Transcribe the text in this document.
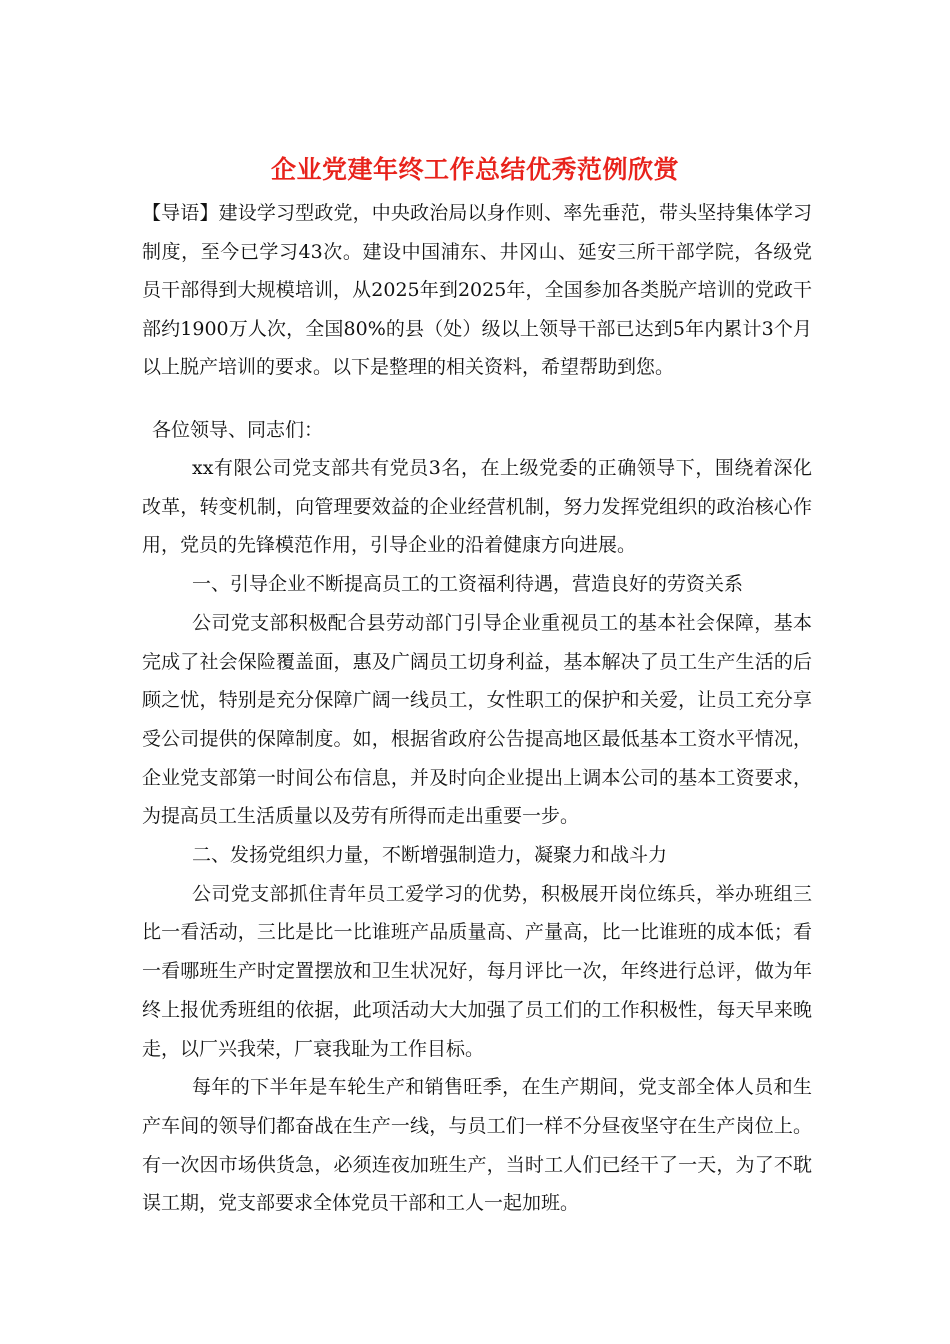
企业党建年终工作总结优秀范例欣赏
【导语】建设学习型政党，中央政治局以身作则、率先垂范，带头坚持集体学习制度，至今已学习43次。建设中国浦东、井冈山、延安三所干部学院，各级党员干部得到大规模培训，从2025年到2025年，全国参加各类脱产培训的党政干部约1900万人次，全国80%的县（处）级以上领导干部已达到5年内累计3个月以上脱产培训的要求。以下是整理的相关资料，希望帮助到您。
各位领导、同志们：

xx有限公司党支部共有党员3名，在上级党委的正确领导下，围绕着深化改革，转变机制，向管理要效益的企业经营机制，努力发挥党组织的政治核心作用，党员的先锋模范作用，引导企业的沿着健康方向进展。

一、引导企业不断提高员工的工资福利待遇，营造良好的劳资关系

公司党支部积极配合县劳动部门引导企业重视员工的基本社会保障，基本完成了社会保险覆盖面，惠及广阔员工切身利益，基本解决了员工生产生活的后顾之忧，特别是充分保障广阔一线员工，女性职工的保护和关爱，让员工充分享受公司提供的保障制度。如，根据省政府公告提高地区最低基本工资水平情况，企业党支部第一时间公布信息，并及时向企业提出上调本公司的基本工资要求，为提高员工生活质量以及劳有所得而走出重要一步。

二、发扬党组织力量，不断增强制造力，凝聚力和战斗力

公司党支部抓住青年员工爱学习的优势，积极展开岗位练兵，举办班组三比一看活动，三比是比一比谁班产品质量高、产量高，比一比谁班的成本低；看一看哪班生产时定置摆放和卫生状况好，每月评比一次，年终进行总评，做为年终上报优秀班组的依据，此项活动大大加强了员工们的工作积极性，每天早来晚走，以厂兴我荣，厂衰我耻为工作目标。

每年的下半年是车轮生产和销售旺季，在生产期间，党支部全体人员和生产车间的领导们都奋战在生产一线，与员工们一样不分昼夜坚守在生产岗位上。有一次因市场供货急，必须连夜加班生产，当时工人们已经干了一天，为了不耽误工期，党支部要求全体党员干部和工人一起加班。
